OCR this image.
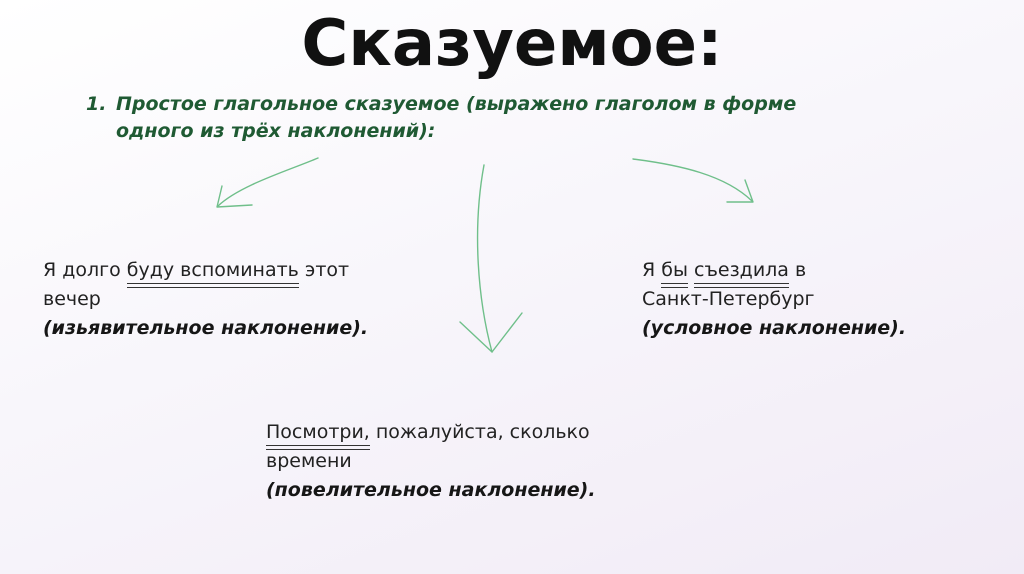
Сказуемое:
1. Простое глагольное сказуемое (выражено глаголом в форме
одного из трёх наклонений):
Я долго буду вспоминать этот
вечер
(изьявительное наклонение).
Я бы съездила в
Санкт-Петербург
(условное наклонение).
Посмотри, пожалуйста, сколько
времени
(повелительное наклонение).
